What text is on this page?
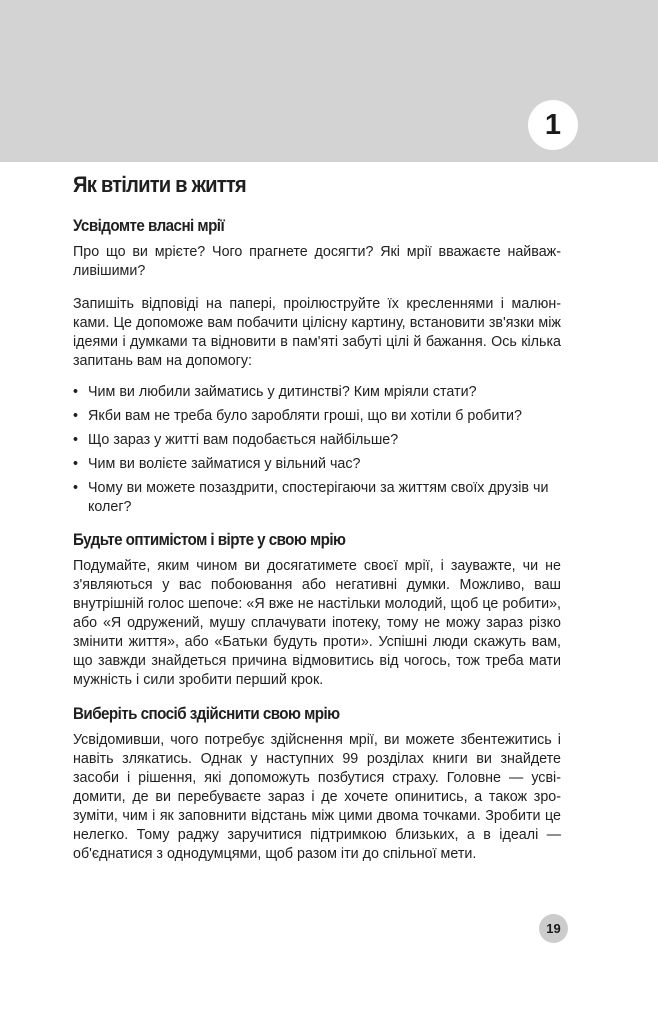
1
Як втілити в життя
Усвідомте власні мрії

Про що ви мрієте? Чого прагнете досягти? Які мрії вважаєте найважливішими?

Запишіть відповіді на папері, проілюструйте їх кресленнями і малюнками. Це допоможе вам побачити цілісну картину, встановити зв'язки між ідеями і думками та відновити в пам'яті забуті цілі й бажання. Ось кілька запитань вам на допомогу:

• Чим ви любили займатись у дитинстві? Ким мріяли стати?
• Якби вам не треба було заробляти гроші, що ви хотіли б робити?
• Що зараз у житті вам подобається найбільше?
• Чим ви волієте займатися у вільний час?
• Чому ви можете позаздрити, спостерігаючи за життям своїх друзів чи колег?
Будьте оптимістом і вірте у свою мрію

Подумайте, яким чином ви досягатимете своєї мрії, і зауважте, чи не з'являються у вас побоювання або негативні думки. Можливо, ваш внутрішній голос шепоче: «Я вже не настільки молодий, щоб це робити», або «Я одружений, мушу сплачувати іпотеку, тому не можу зараз різко змінити життя», або «Батьки будуть проти». Успішні люди скажуть вам, що завжди знайдеться причина відмовитись від чогось, тож треба мати мужність і сили зробити перший крок.

Виберіть спосіб здійснити свою мрію

Усвідомивши, чого потребує здійснення мрії, ви можете збентежитись і навіть злякатись. Однак у наступних 99 розділах книги ви знайдете засоби і рішення, які допоможуть позбутися страху. Головне — усвідомити, де ви перебуваєте зараз і де хочете опинитись, а також зрозуміти, чим і як заповнити відстань між цими двома точками. Зробити це нелегко. Тому раджу заручитися підтримкою близьких, а в ідеалі — об'єднатися з однодумцями, щоб разом іти до спільної мети.

19
